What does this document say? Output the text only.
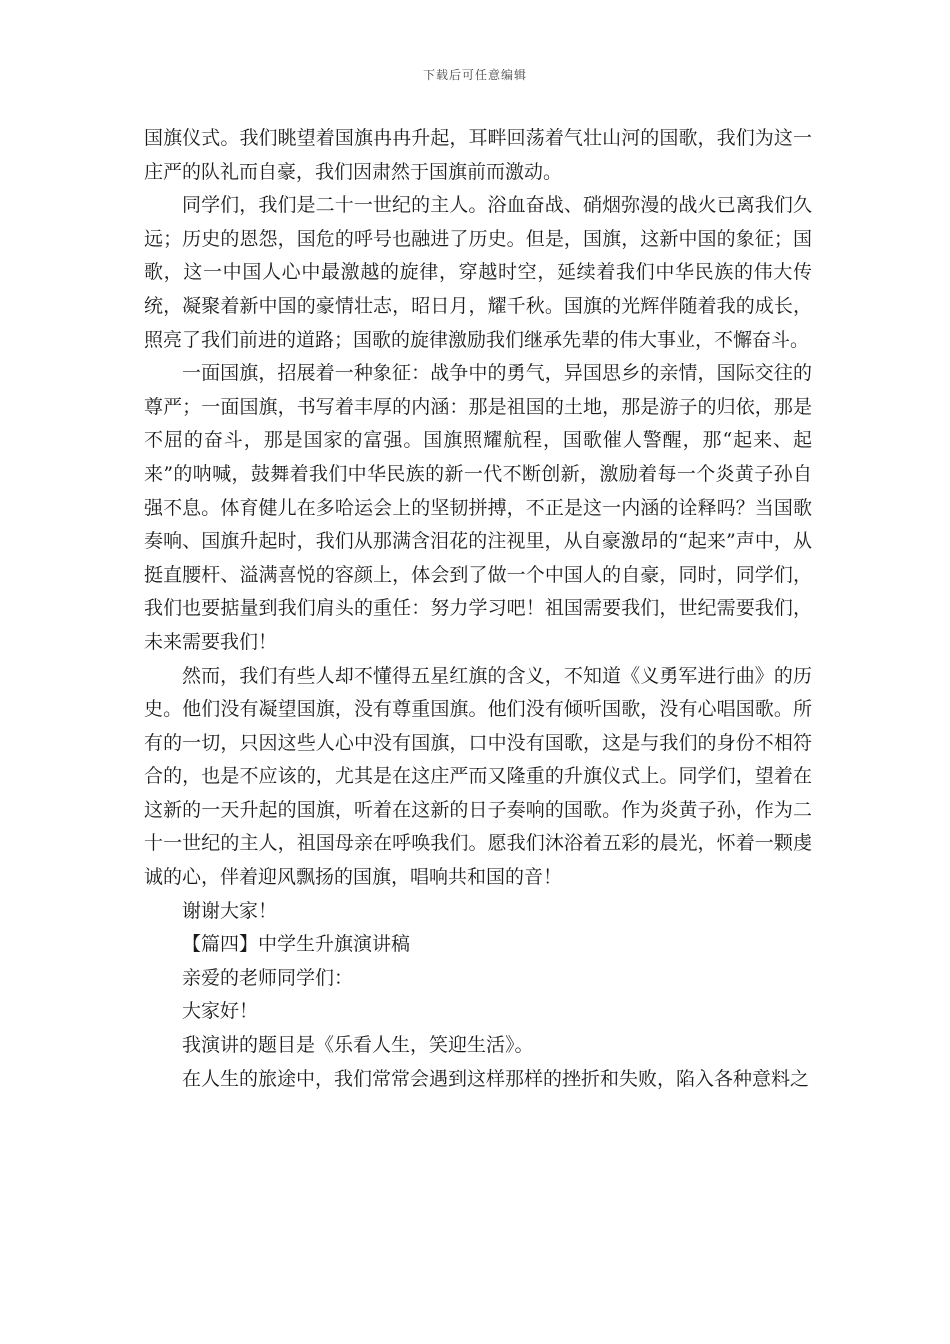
下载后可任意编辑

国旗仪式。我们眺望着国旗冉冉升起，耳畔回荡着气壮山河的国歌，我们为这一庄严的队礼而自豪，我们因肃然于国旗前而激动。

同学们，我们是二十一世纪的主人。浴血奋战、硝烟弥漫的战火已离我们久远；历史的恩怨，国危的呼号也融进了历史。但是，国旗，这新中国的象征；国歌，这一中国人心中最激越的旋律，穿越时空，延续着我们中华民族的伟大传统，凝聚着新中国的豪情壮志，昭日月，耀千秋。国旗的光辉伴随着我的成长，照亮了我们前进的道路；国歌的旋律激励我们继承先辈的伟大事业，不懈奋斗。

一面国旗，招展着一种象征：战争中的勇气，异国思乡的亲情，国际交往的尊严；一面国旗，书写着丰厚的内涵：那是祖国的土地，那是游子的归依，那是不屈的奋斗，那是国家的富强。国旗照耀航程，国歌催人警醒，那“起来、起来”的呐喊，鼓舞着我们中华民族的新一代不断创新，激励着每一个炎黄子孙自强不息。体育健儿在多哈运会上的坚韧拼搏，不正是这一内涵的诠释吗？当国歌奏响、国旗升起时，我们从那满含泪花的注视里，从自豪激昂的“起来”声中，从挺直腰杆、溢满喜悦的容颜上，体会到了做一个中国人的自豪，同时，同学们，我们也要掂量到我们肩头的重任：努力学习吧！祖国需要我们，世纪需要我们，未来需要我们！

然而，我们有些人却不懂得五星红旗的含义，不知道《义勇军进行曲》的历史。他们没有凝望国旗，没有尊重国旗。他们没有倾听国歌，没有心唱国歌。所有的一切，只因这些人心中没有国旗，口中没有国歌，这是与我们的身份不相符合的，也是不应该的，尤其是在这庄严而又隆重的升旗仪式上。同学们，望着在这新的一天升起的国旗，听着在这新的日子奏响的国歌。作为炎黄子孙，作为二十一世纪的主人，祖国母亲在呼唤我们。愿我们沐浴着五彩的晨光，怀着一颗虔诚的心，伴着迎风飘扬的国旗，唱响共和国的音！

谢谢大家！

【篇四】中学生升旗演讲稿

亲爱的老师同学们：

大家好！

我演讲的题目是《乐看人生，笑迎生活》。

在人生的旅途中，我们常常会遇到这样那样的挫折和失败，陷入各种意料之
